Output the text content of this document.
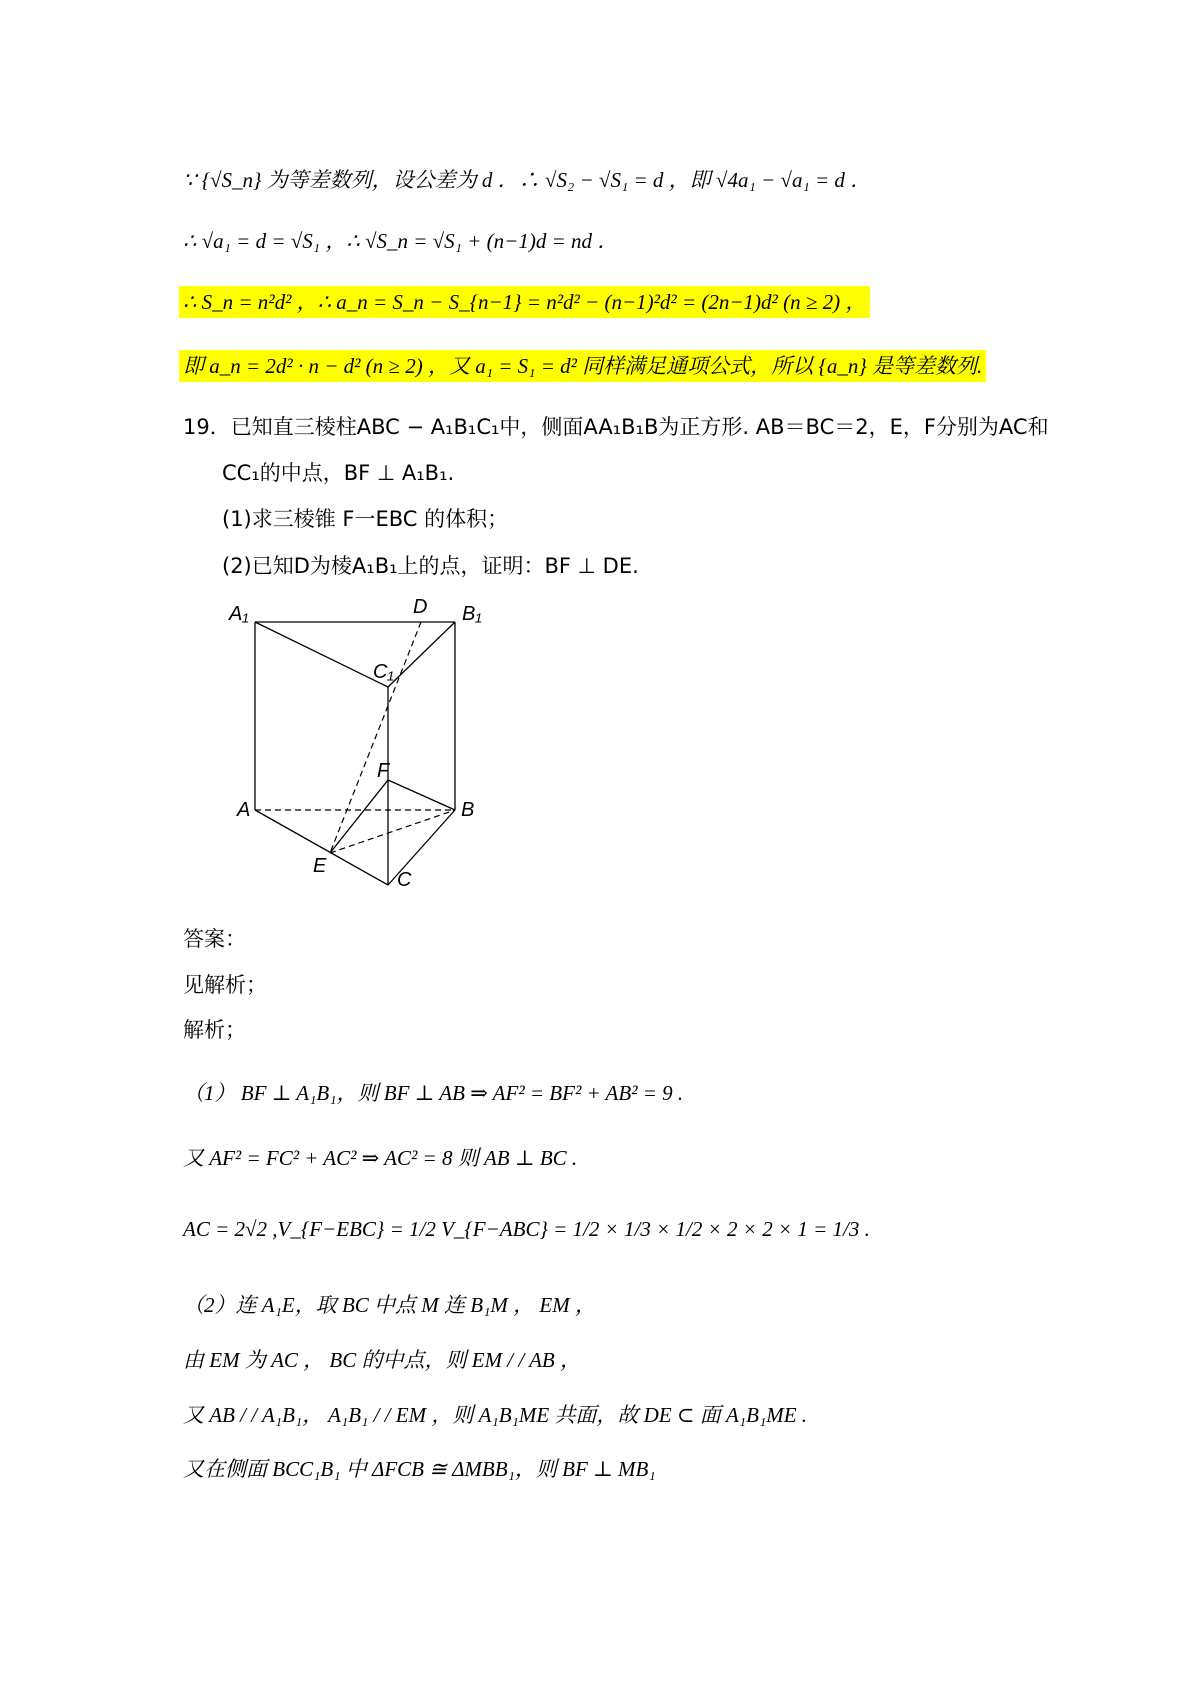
∵ {√S_n} 为等差数列，设公差为 d ．∴ √S₂ − √S₁ = d ，即 √4a₁ − √a₁ = d ．
∴ √a₁ = d = √S₁ ，∴ √S_n = √S₁ + (n−1)d = nd ．
∴ S_n = n²d² ，∴ a_n = S_n − S_{n−1} = n²d² − (n−1)²d² = (2n−1)d² (n ≥ 2) ，
即 a_n = 2d² · n − d² (n ≥ 2) ，又 a₁ = S₁ = d² 同样满足通项公式，所以 {a_n} 是等差数列.
19．已知直三棱柱ABC − A₁B₁C₁中，侧面AA₁B₁B为正方形. AB＝BC＝2，E，F分别为AC和
CC₁的中点，BF ⊥ A₁B₁.
(1)求三棱锥 F一EBC 的体积；
(2)已知D为棱A₁B₁上的点，证明：BF ⊥ DE.
A₁	D B₁
C₁
F
A	B
E
C
答案：
见解析；
解析；
（1） BF ⊥ A₁B₁，则 BF ⊥ AB ⇒ AF² = BF² + AB² = 9 .
又 AF² = FC² + AC² ⇒ AC² = 8 则 AB ⊥ BC .
AC = 2√2 ,V_{F−EBC} = 1/2 V_{F−ABC} = 1/2 × 1/3 × 1/2 × 2 × 2 × 1 = 1/3 .
（2）连 A₁E，取 BC 中点 M 连 B₁M ， EM ，
由 EM 为 AC ， BC 的中点，则 EM / / AB ，
又 AB / / A₁B₁， A₁B₁ / / EM ，则 A₁B₁ME 共面，故 DE ⊂ 面 A₁B₁ME .
又在侧面 BCC₁B₁ 中 ΔFCB ≅ ΔMBB₁，则 BF ⊥ MB₁
